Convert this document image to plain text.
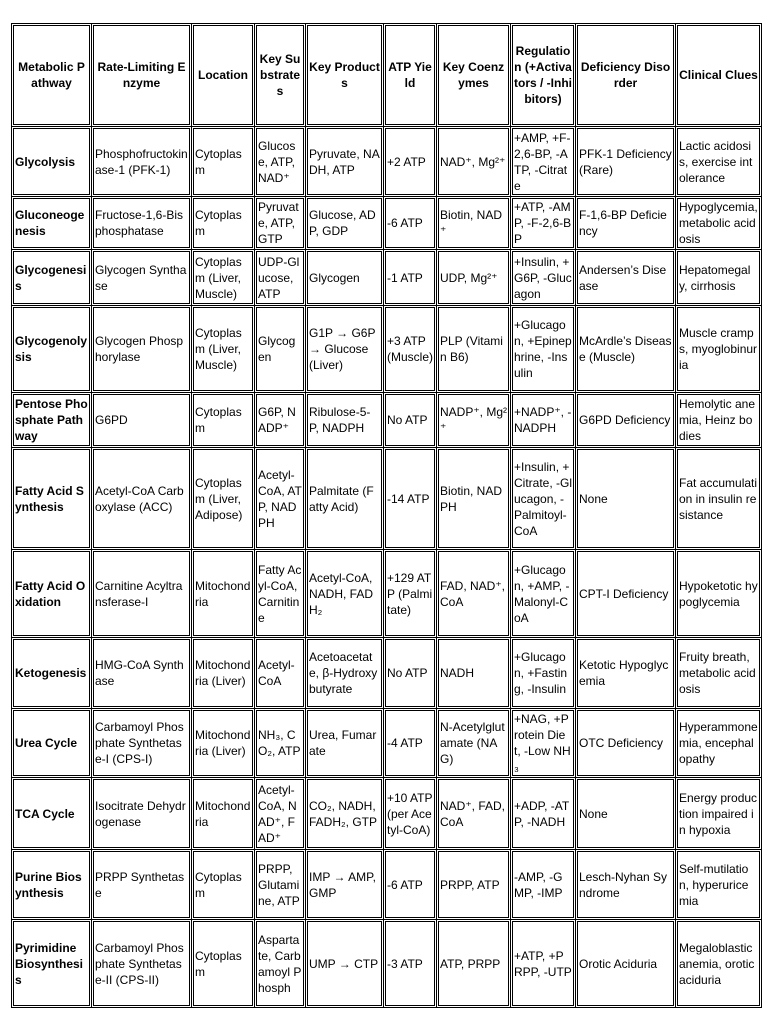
Metabolic Pathway	Rate-Limiting Enzyme	Location	Key Substrates	Key Products	ATP Yield	Key Coenzymes	Regulation (+Activators / -Inhibitors)	Deficiency Disorder	Clinical Clues
Glycolysis	Phosphofructokinase-1 (PFK-1)	Cytoplasm	Glucose, ATP, NAD⁺	Pyruvate, NADH, ATP	+2 ATP	NAD⁺, Mg²⁺	+AMP, +F-2,6-BP, -ATP, -Citrate	PFK-1 Deficiency (Rare)	Lactic acidosis, exercise intolerance
Gluconeogenesis	Fructose-1,6-Bisphosphatase	Cytoplasm	Pyruvate, ATP, GTP	Glucose, ADP, GDP	-6 ATP	Biotin, NAD⁺	+ATP, -AMP, -F-2,6-BP	F-1,6-BP Deficiency	Hypoglycemia, metabolic acidosis
Glycogenesis	Glycogen Synthase	Cytoplasm (Liver, Muscle)	UDP-Glucose, ATP	Glycogen	-1 ATP	UDP, Mg²⁺	+Insulin, +G6P, -Glucagon	Andersen’s Disease	Hepatomegaly, cirrhosis
Glycogenolysis	Glycogen Phosphorylase	Cytoplasm (Liver, Muscle)	Glycogen	G1P → G6P → Glucose (Liver)	+3 ATP (Muscle)	PLP (Vitamin B6)	+Glucagon, +Epinephrine, -Insulin	McArdle’s Disease (Muscle)	Muscle cramps, myoglobinuria
Pentose Phosphate Pathway	G6PD	Cytoplasm	G6P, NADP⁺	Ribulose-5-P, NADPH	No ATP	NADP⁺, Mg²⁺	+NADP⁺, -NADPH	G6PD Deficiency	Hemolytic anemia, Heinz bodies
Fatty Acid Synthesis	Acetyl-CoA Carboxylase (ACC)	Cytoplasm (Liver, Adipose)	Acetyl-CoA, ATP, NADPH	Palmitate (Fatty Acid)	-14 ATP	Biotin, NADPH	+Insulin, +Citrate, -Glucagon, -Palmitoyl-CoA	None	Fat accumulation in insulin resistance
Fatty Acid Oxidation	Carnitine Acyltransferase-I	Mitochondria	Fatty Acyl-CoA, Carnitine	Acetyl-CoA, NADH, FADH₂	+129 ATP (Palmitate)	FAD, NAD⁺, CoA	+Glucagon, +AMP, -Malonyl-CoA	CPT-I Deficiency	Hypoketotic hypoglycemia
Ketogenesis	HMG-CoA Synthase	Mitochondria (Liver)	Acetyl-CoA	Acetoacetate, β-Hydroxybutyrate	No ATP	NADH	+Glucagon, +Fasting, -Insulin	Ketotic Hypoglycemia	Fruity breath, metabolic acidosis
Urea Cycle	Carbamoyl Phosphate Synthetase-I (CPS-I)	Mitochondria (Liver)	NH₃, CO₂, ATP	Urea, Fumarate	-4 ATP	N-Acetylglutamate (NAG)	+NAG, +Protein Diet, -Low NH₃	OTC Deficiency	Hyperammonemia, encephalopathy
TCA Cycle	Isocitrate Dehydrogenase	Mitochondria	Acetyl-CoA, NAD⁺, FAD⁺	CO₂, NADH, FADH₂, GTP	+10 ATP (per Acetyl-CoA)	NAD⁺, FAD, CoA	+ADP, -ATP, -NADH	None	Energy production impaired in hypoxia
Purine Biosynthesis	PRPP Synthetase	Cytoplasm	PRPP, Glutamine, ATP	IMP → AMP, GMP	-6 ATP	PRPP, ATP	-AMP, -GMP, -IMP	Lesch-Nyhan Syndrome	Self-mutilation, hyperuricemia
Pyrimidine Biosynthesis	Carbamoyl Phosphate Synthetase-II (CPS-II)	Cytoplasm	Aspartate, Carbamoyl Phosph	UMP → CTP	-3 ATP	ATP, PRPP	+ATP, +PRPP, -UTP	Orotic Aciduria	Megaloblastic anemia, orotic aciduria
